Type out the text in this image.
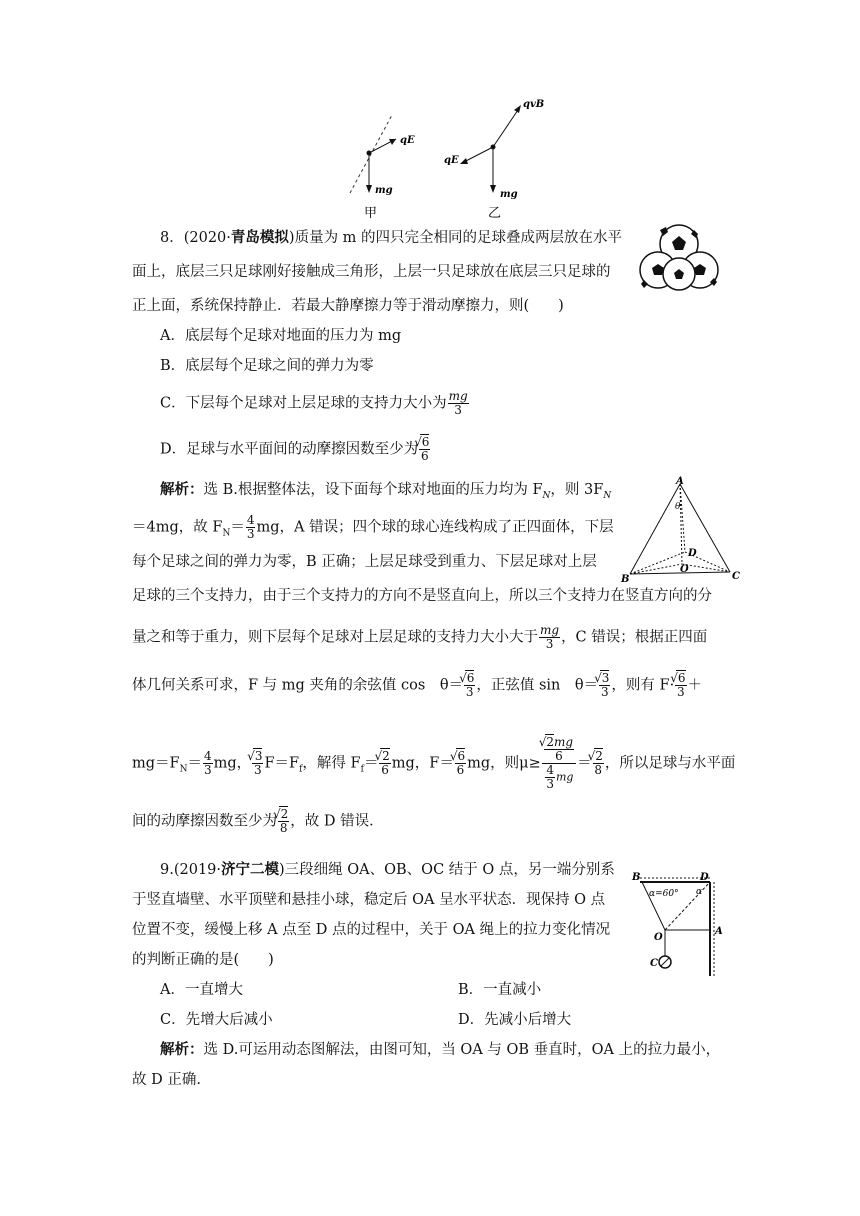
qE
mg
qvB
qE
mg
甲	乙
8．(2020·青岛模拟)质量为 m 的四只完全相同的足球叠成两层放在水平
面上，底层三只足球刚好接触成三角形，上层一只足球放在底层三只足球的
正上面，系统保持静止．若最大静摩擦力等于滑动摩擦力，则(　　)
A．底层每个足球对地面的压力为 mg
B．底层每个足球之间的弹力为零
C．下层每个足球对上层足球的支持力大小为 $\frac{mg}{3}$
D．足球与水平面间的动摩擦因数至少为 √ $\frac{6}{6}$
解析：选 B.根据整体法，设下面每个球对地面的压力均为 $F_N$，则 $3F_N$
＝4mg，故 $F_N= \frac{4}{3}$ mg，A 错误；四个球的球心连线构成了正四面体，下层
每个足球之间的弹力为零，B 正确；上层足球受到重力、下层足球对上层
足球的三个支持力，由于三个支持力的方向不是竖直向上，所以三个支持力在竖直方向的分
量之和等于重力，则下层每个足球对上层足球的支持力大小大于 $\frac{mg}{3}$ ，C 错误；根据正四面
体几何关系可求，F 与 mg 夹角的余弦值 cos　θ＝ √ $\frac{6}{3}$ ，正弦值 sin　θ＝ √ $\frac{3}{3}$ ，则有 F· √ $\frac{6}{3}$ ＋
$mg=F_N= \frac{4}{3}$ mg， √ $\frac{3}{3} F=F_f$，解得 $F_f=$ √ $\frac{2}{6}$ mg，F＝ √ $\frac{6}{6}$ mg，则μ≥ √ $\frac{\frac{2mg}{6}}{\frac{4}{3} mg}$ ＝ √ $\frac{2}{8}$ ，所以足球与水平面
间的动摩擦因数至少为 √ $\frac{2}{8}$ ，故 D 错误．
A
θ
D
O
B	C
9.(2019·济宁二模)三段细绳 OA、OB、OC 结于 O 点，另一端分别系
于竖直墙壁、水平顶壁和悬挂小球，稳定后 OA 呈水平状态．现保持 O 点
位置不变，缓慢上移 A 点至 D 点的过程中，关于 OA 绳上的拉力变化情况
的判断正确的是(　　)
A．一直增大	B．一直减小
C．先增大后减小	D．先减小后增大
B	D
α=60° α
O
A
C
解析：选 D.可运用动态图解法，由图可知，当 OA 与 OB 垂直时，OA 上的拉力最小，
故 D 正确.
